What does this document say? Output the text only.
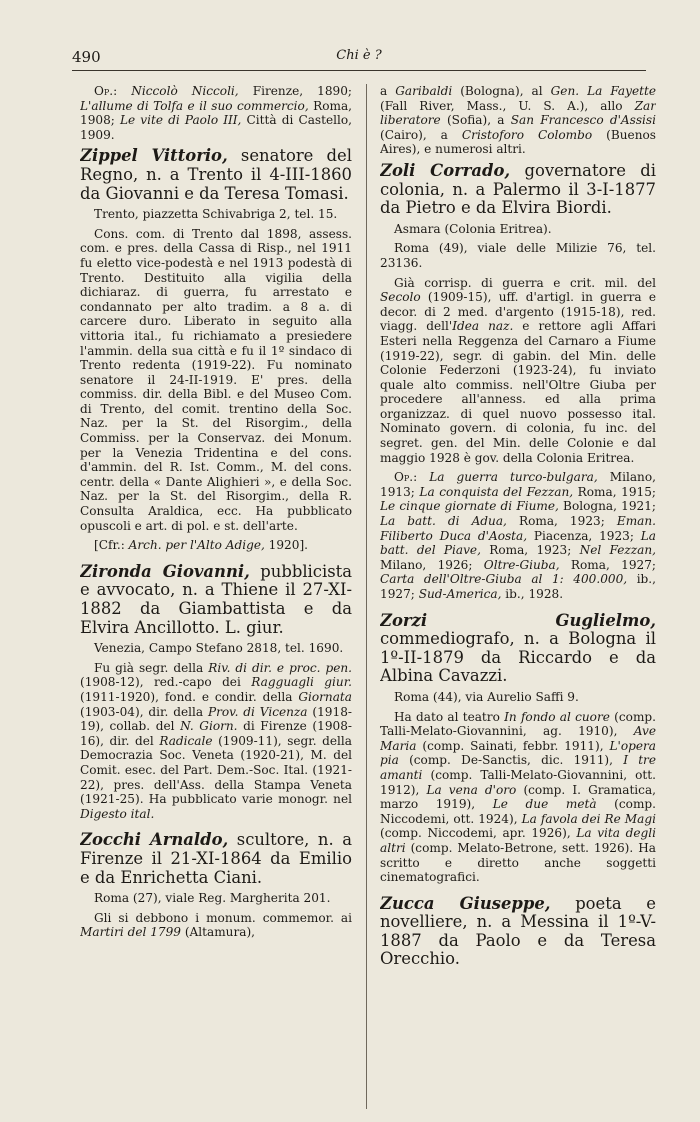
490	Chi è ?

Op.: Niccolò Niccoli, Firenze, 1890; L'allume di Tolfa e il suo commercio, Roma, 1908; Le vite di Paolo III, Città di Castello, 1909.

Zippel Vittorio, senatore del Regno, n. a Trento il 4-III-1860 da Giovanni e da Teresa Tomasi.

Trento, piazzetta Schivabriga 2, tel. 15.

Cons. com. di Trento dal 1898, assess. com. e pres. della Cassa di Risp., nel 1911 fu eletto vice-podestà e nel 1913 podestà di Trento. Destituito alla vigilia della dichiaraz. di guerra, fu arrestato e condannato per alto tradim. a 8 a. di carcere duro. Liberato in seguito alla vittoria ital., fu richiamato a presiedere l'ammin. della sua città e fu il 1º sindaco di Trento redenta (1919-22). Fu nominato senatore il 24-II-1919. E' pres. della commiss. dir. della Bibl. e del Museo Com. di Trento, del comit. trentino della Soc. Naz. per la St. del Risorgim., della Commiss. per la Conservaz. dei Monum. per la Venezia Tridentina e del cons. d'ammin. del R. Ist. Comm., M. del cons. centr. della « Dante Alighieri », e della Soc. Naz. per la St. del Risorgim., della R. Consulta Araldica, ecc. Ha pubblicato opuscoli e art. di pol. e st. dell'arte.

[Cfr.: Arch. per l'Alto Adige, 1920].

Zironda Giovanni, pubblicista e avvocato, n. a Thiene il 27-XI-1882 da Giambattista e da Elvira Ancillotto. L. giur.

Venezia, Campo Stefano 2818, tel. 1690.

Fu già segr. della Riv. di dir. e proc. pen. (1908-12), red.-capo dei Ragguagli giur. (1911-1920), fond. e condir. della Giornata (1903-04), dir. della Prov. di Vicenza (1918-19), collab. del N. Giorn. di Firenze (1908-16), dir. del Radicale (1909-11), segr. della Democrazia Soc. Veneta (1920-21), M. del Comit. esec. del Part. Dem.-Soc. Ital. (1921-22), pres. dell'Ass. della Stampa Veneta (1921-25). Ha pubblicato varie monogr. nel Digesto ital.

Zocchi Arnaldo, scultore, n. a Firenze il 21-XI-1864 da Emilio e da Enrichetta Ciani.

Roma (27), viale Reg. Margherita 201.

Gli si debbono i monum. commemor. ai Martiri del 1799 (Altamura),

a Garibaldi (Bologna), al Gen. La Fayette (Fall River, Mass., U. S. A.), allo Zar liberatore (Sofia), a San Francesco d'Assisi (Cairo), a Cristoforo Colombo (Buenos Aires), e numerosi altri.

Zoli Corrado, governatore di colonia, n. a Palermo il 3-I-1877 da Pietro e da Elvira Biordi.

Asmara (Colonia Eritrea).

Roma (49), viale delle Milizie 76, tel. 23136.

Già corrisp. di guerra e crit. mil. del Secolo (1909-15), uff. d'artigl. in guerra e decor. di 2 med. d'argento (1915-18), red. viagg. dell'Idea naz. e rettore agli Affari Esteri nella Reggenza del Carnaro a Fiume (1919-22), segr. di gabin. del Min. delle Colonie Federzoni (1923-24), fu inviato quale alto commiss. nell'Oltre Giuba per procedere all'anness. ed alla prima organizzaz. di quel nuovo possesso ital. Nominato govern. di colonia, fu inc. del segret. gen. del Min. delle Colonie e dal maggio 1928 è gov. della Colonia Eritrea.

Op.: La guerra turco-bulgara, Milano, 1913; La conquista del Fezzan, Roma, 1915; Le cinque giornate di Fiume, Bologna, 1921; La batt. di Adua, Roma, 1923; Eman. Filiberto Duca d'Aosta, Piacenza, 1923; La batt. del Piave, Roma, 1923; Nel Fezzan, Milano, 1926; Oltre-Giuba, Roma, 1927; Carta dell'Oltre-Giuba al 1: 400.000, ib., 1927; Sud-America, ib., 1928.

Zorzi Guglielmo, commediografo, n. a Bologna il 1º-II-1879 da Riccardo e da Albina Cavazzi.

Roma (44), via Aurelio Saffi 9.

Ha dato al teatro In fondo al cuore (comp. Talli-Melato-Giovannini, ag. 1910), Ave Maria (comp. Sainati, febbr. 1911), L'opera pia (comp. De-Sanctis, dic. 1911), I tre amanti (comp. Talli-Melato-Giovannini, ott. 1912), La vena d'oro (comp. I. Gramatica, marzo 1919), Le due metà (comp. Niccodemi, ott. 1924), La favola dei Re Magi (comp. Niccodemi, apr. 1926), La vita degli altri (comp. Melato-Betrone, sett. 1926). Ha scritto e diretto anche soggetti cinematografici.

Zucca Giuseppe, poeta e novelliere, n. a Messina il 1º-V-1887 da Paolo e da Teresa Orecchio.
